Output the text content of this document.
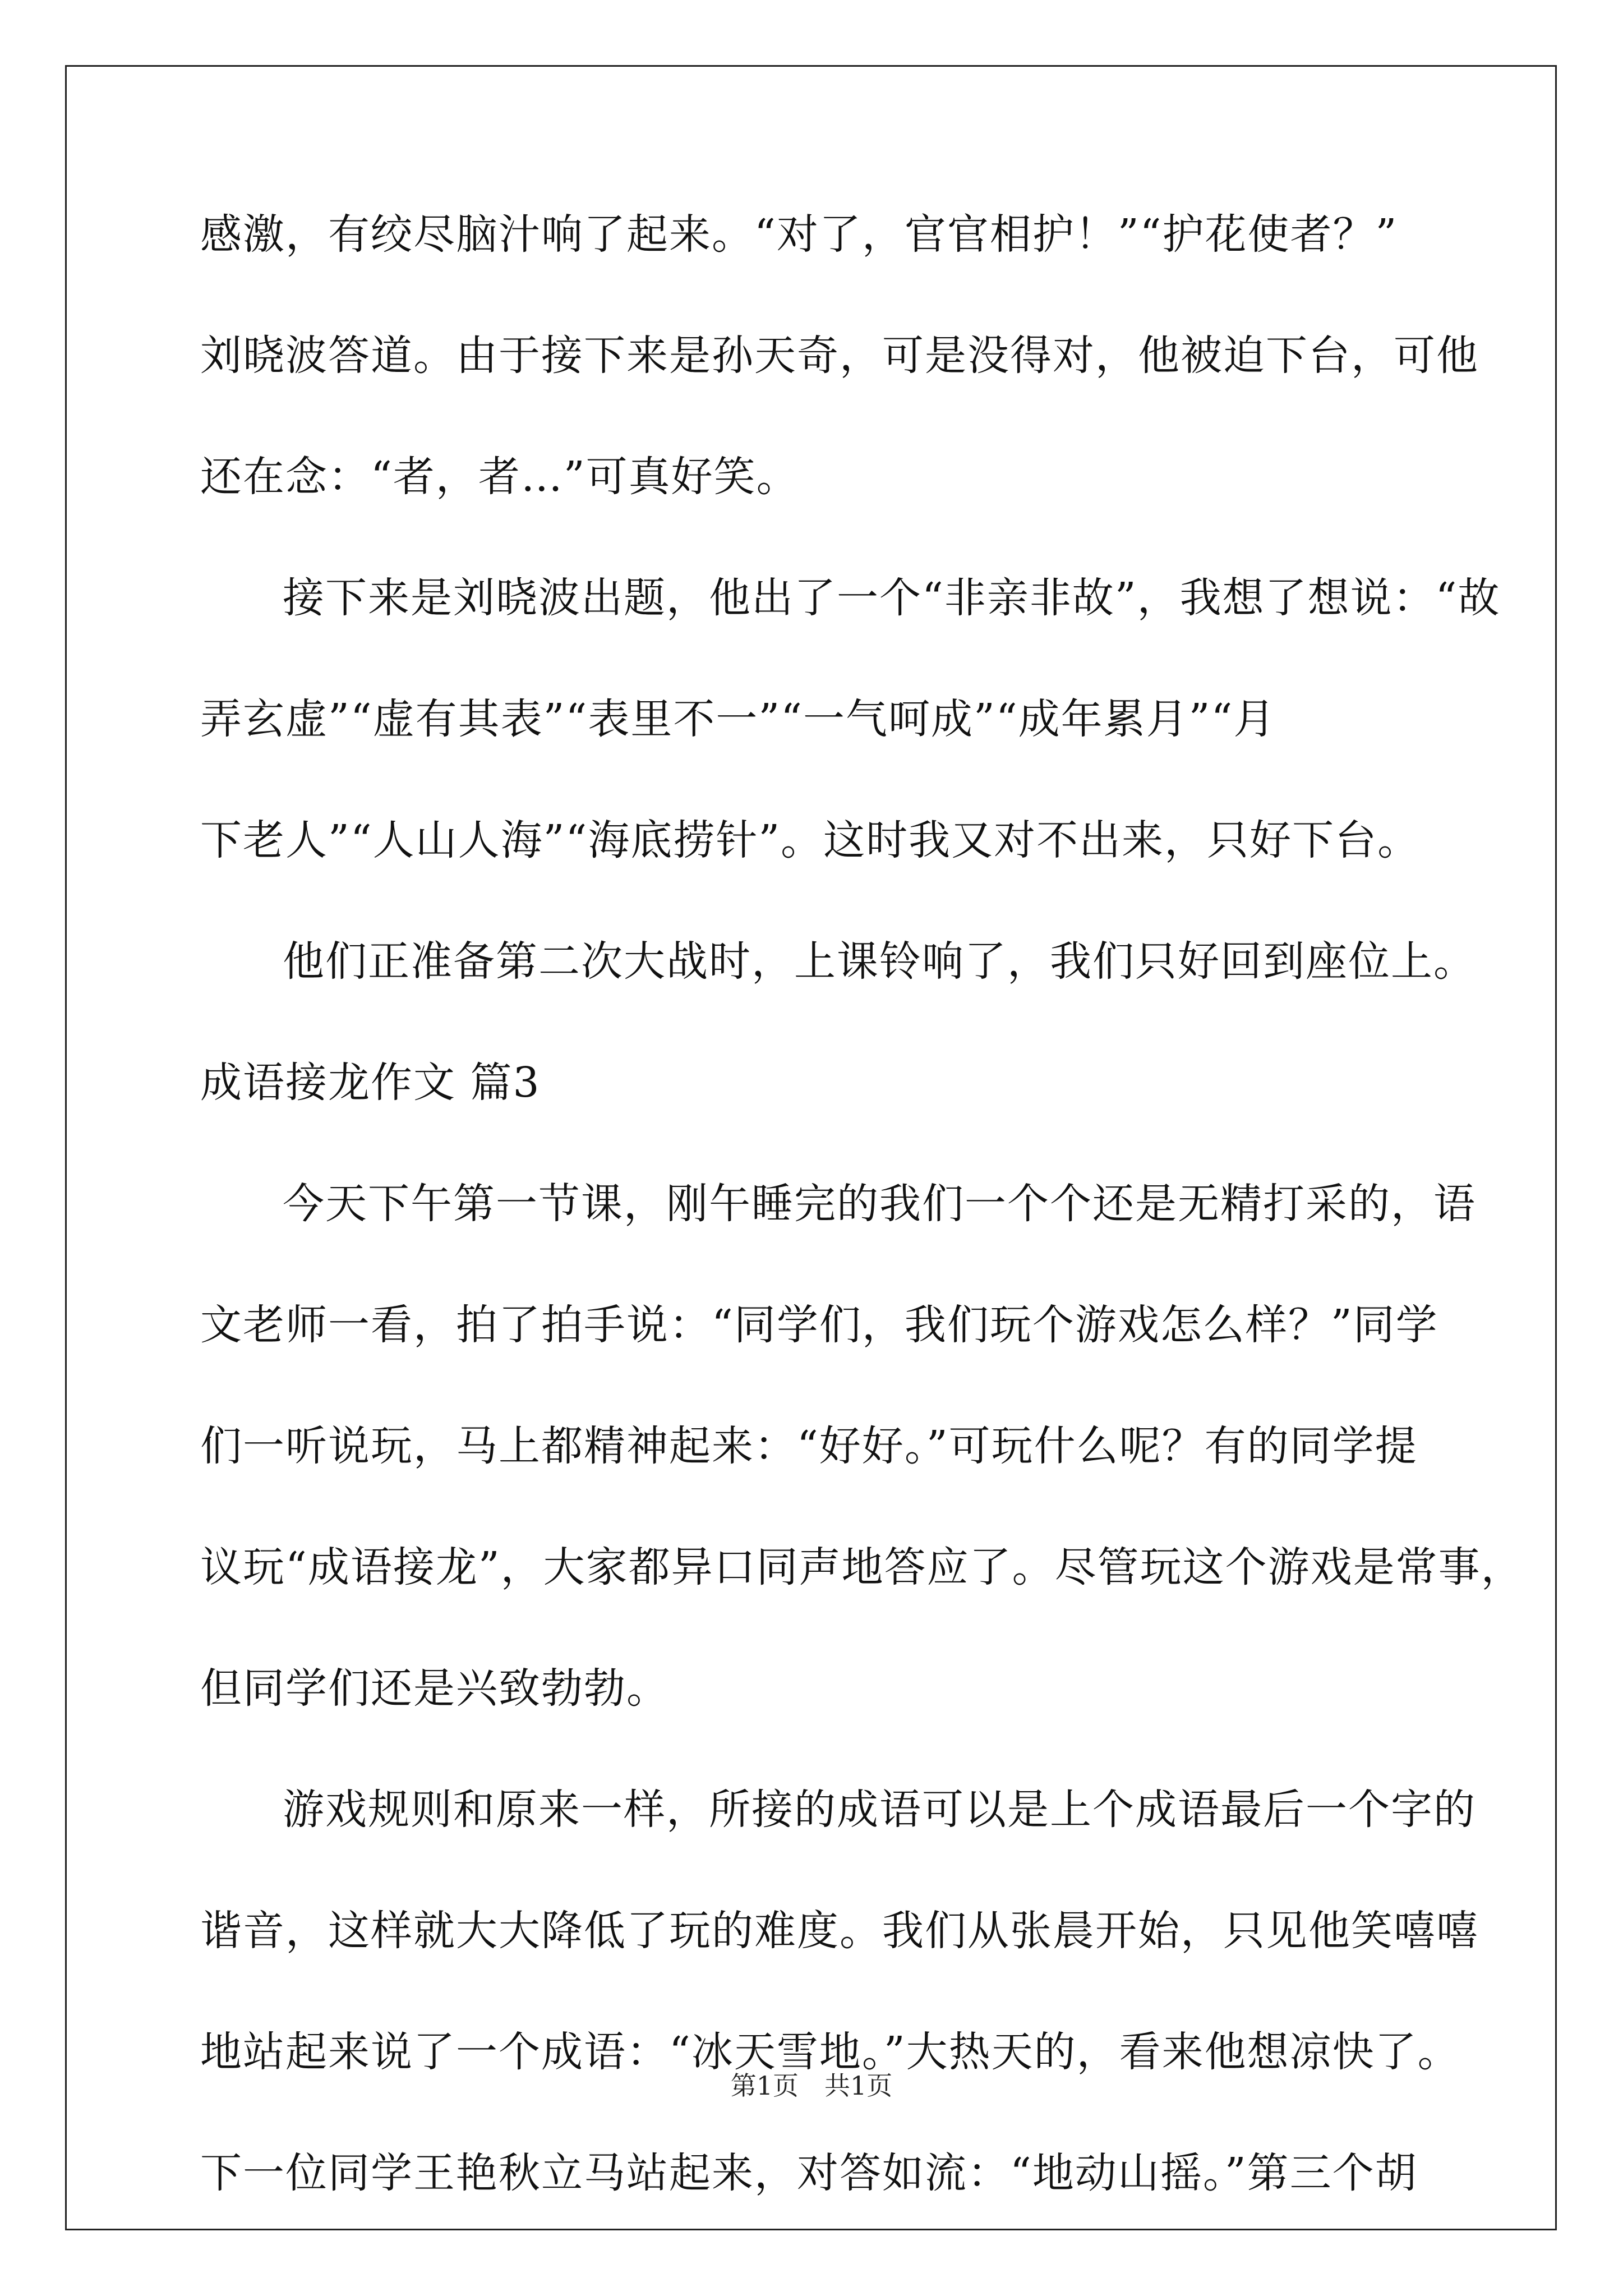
感激，有绞尽脑汁响了起来。“对了，官官相护！”“护花使者？”
刘晓波答道。由于接下来是孙天奇，可是没得对，他被迫下台，可他
还在念：“者，者…”可真好笑。
接下来是刘晓波出题，他出了一个“非亲非故”，我想了想说：“故
弄玄虚”“虚有其表”“表里不一”“一气呵成”“成年累月”“月
下老人”“人山人海”“海底捞针”。这时我又对不出来，只好下台。
他们正准备第二次大战时，上课铃响了，我们只好回到座位上。
成语接龙作文 篇3
今天下午第一节课，刚午睡完的我们一个个还是无精打采的，语
文老师一看，拍了拍手说：“同学们，我们玩个游戏怎么样？”同学
们一听说玩，马上都精神起来：“好好。”可玩什么呢？有的同学提
议玩“成语接龙”，大家都异口同声地答应了。尽管玩这个游戏是常事，
但同学们还是兴致勃勃。
游戏规则和原来一样，所接的成语可以是上个成语最后一个字的
谐音，这样就大大降低了玩的难度。我们从张晨开始，只见他笑嘻嘻
地站起来说了一个成语：“冰天雪地。”大热天的，看来他想凉快了。
下一位同学王艳秋立马站起来，对答如流：“地动山摇。”第三个胡
第1页　共1页
